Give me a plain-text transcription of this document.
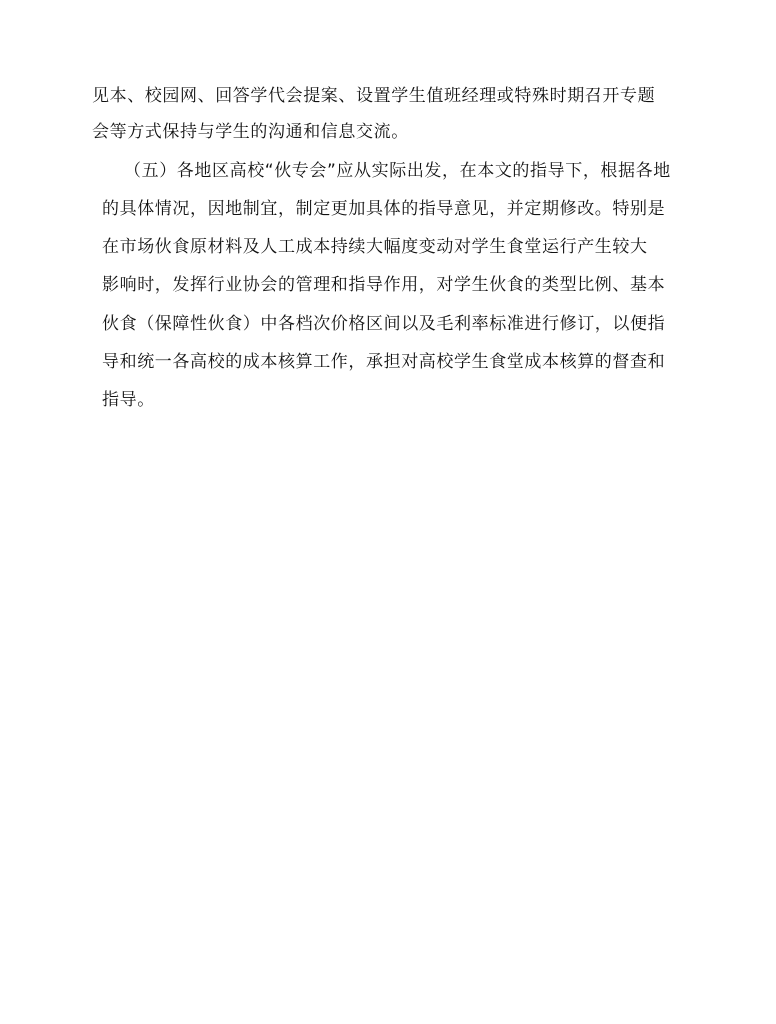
见本、校园网、回答学代会提案、设置学生值班经理或特殊时期召开专题
会等方式保持与学生的沟通和信息交流。
（五）各地区高校“伙专会”应从实际出发，在本文的指导下，根据各地
的具体情况，因地制宜，制定更加具体的指导意见，并定期修改。特别是
在市场伙食原材料及人工成本持续大幅度变动对学生食堂运行产生较大
影响时，发挥行业协会的管理和指导作用，对学生伙食的类型比例、基本
伙食（保障性伙食）中各档次价格区间以及毛利率标准进行修订，以便指
导和统一各高校的成本核算工作，承担对高校学生食堂成本核算的督查和
指导。
